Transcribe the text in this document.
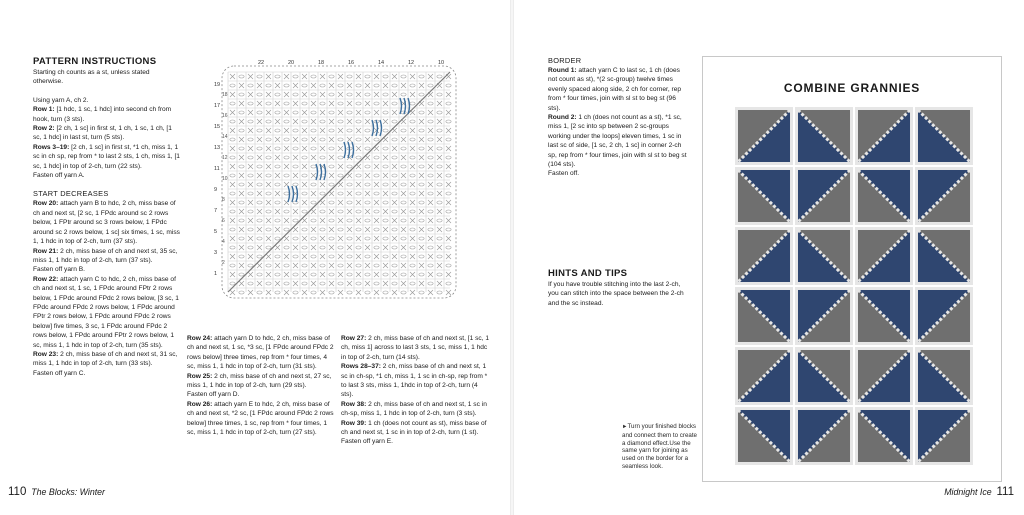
PATTERN INSTRUCTIONS

Starting ch counts as a st, unless stated otherwise.

Using yarn A, ch 2.

Row 1: [1 hdc, 1 sc, 1 hdc] into second ch from hook, turn (3 sts).

Row 2: [2 ch, 1 sc] in first st, 1 ch, 1 sc, 1 ch, [1 sc, 1 hdc] in last st, turn (5 sts).

Rows 3–19: [2 ch, 1 sc] in first st, *1 ch, miss 1, 1 sc in ch sp, rep from * to last 2 sts, 1 ch, miss 1, [1 sc, 1 hdc] in top of 2-ch, turn (22 sts).

Fasten off yarn A.

START DECREASES

Row 20: attach yarn B to hdc, 2 ch, miss base of ch and next st, [2 sc, 1 FPdc around sc 2 rows below, 1 FPtr around sc 3 rows below, 1 FPdc around sc 2 rows below, 1 sc] six times, 1 sc, miss 1, 1 hdc in top of 2-ch, turn (37 sts).

Row 21: 2 ch, miss base of ch and next st, 35 sc, miss 1, 1 hdc in top of 2-ch, turn (37 sts).

Fasten off yarn B.

Row 22: attach yarn C to hdc, 2 ch, miss base of ch and next st, 1 sc, 1 FPdc around FPtr 2 rows below, 1 FPdc around FPdc 2 rows below, [3 sc, 1 FPdc around FPdc 2 rows below, 1 FPdc around FPtr 2 rows below, 1 FPdc around FPdc 2 rows below] five times, 3 sc, 1 FPdc around FPdc 2 rows below, 1 FPdc around FPtr 2 rows below, 1 sc, miss 1, 1 hdc in top of 2-ch, turn (35 sts).

Row 23: 2 ch, miss base of ch and next st, 31 sc, miss 1, 1 hdc in top of 2-ch, turn (33 sts).

Fasten off yarn C.

Row 24: attach yarn D to hdc, 2 ch, miss base of ch and next st, 1 sc, *3 sc, [1 FPdc around FPdc 2 rows below] three times, rep from * four times, 4 sc, miss 1, 1 hdc in top of 2-ch, turn (31 sts).

Row 25: 2 ch, miss base of ch and next st, 27 sc, miss 1, 1 hdc in top of 2-ch, turn (29 sts).

Fasten off yarn D.

Row 26: attach yarn E to hdc, 2 ch, miss base of ch and next st, *2 sc, [1 FPdc around FPdc 2 rows below] three times, 1 sc, rep from * four times, 1 sc, miss 1, 1 hdc in top of 2-ch, turn (27 sts).

Row 27: 2 ch, miss base of ch and next st, [1 sc, 1 ch, miss 1] across to last 3 sts, 1 sc, miss 1, 1 hdc in top of 2-ch, turn (14 sts).

Rows 28–37: 2 ch, miss base of ch and next st, 1 sc in ch-sp, *1 ch, miss 1, 1 sc in ch-sp, rep from * to last 3 sts, miss 1, 1hdc in top of 2-ch, turn (4 sts).

Row 38: 2 ch, miss base of ch and next st, 1 sc in ch-sp, miss 1, 1 hdc in top of 2-ch, turn (3 sts).

Row 39: 1 ch (does not count as st), miss base of ch and next st, 1 sc in in top of 2-ch, turn (1 st).

Fasten off yarn E.

22	20	18	16	14	12	10
19
17
15
13
11
9
7
5
3
1
18
16
14
12
10
8
6
4
2
110 The Blocks: Winter

BORDER

Round 1: attach yarn C to last sc, 1 ch (does not count as st), *(2 sc-group) twelve times evenly spaced along side, 2 ch for corner, rep from * four times, join with sl st to beg st (96 sts).

Round 2: 1 ch (does not count as a st), *1 sc, miss 1, [2 sc into sp between 2 sc-groups working under the loops] eleven times, 1 sc in last sc of side, [1 sc, 2 ch, 1 sc] in corner 2-ch sp, rep from * four times, join with sl st to beg st (104 sts).

Fasten off.

HINTS AND TIPS

If you have trouble stitching into the last 2-ch, you can stitch into the space between the 2-ch and the sc instead.

COMBINE GRANNIES
►Turn your finished blocks and connect them to create a diamond effect.Use the same yarn for joining as used on the border for a seamless look.
Midnight Ice 111
